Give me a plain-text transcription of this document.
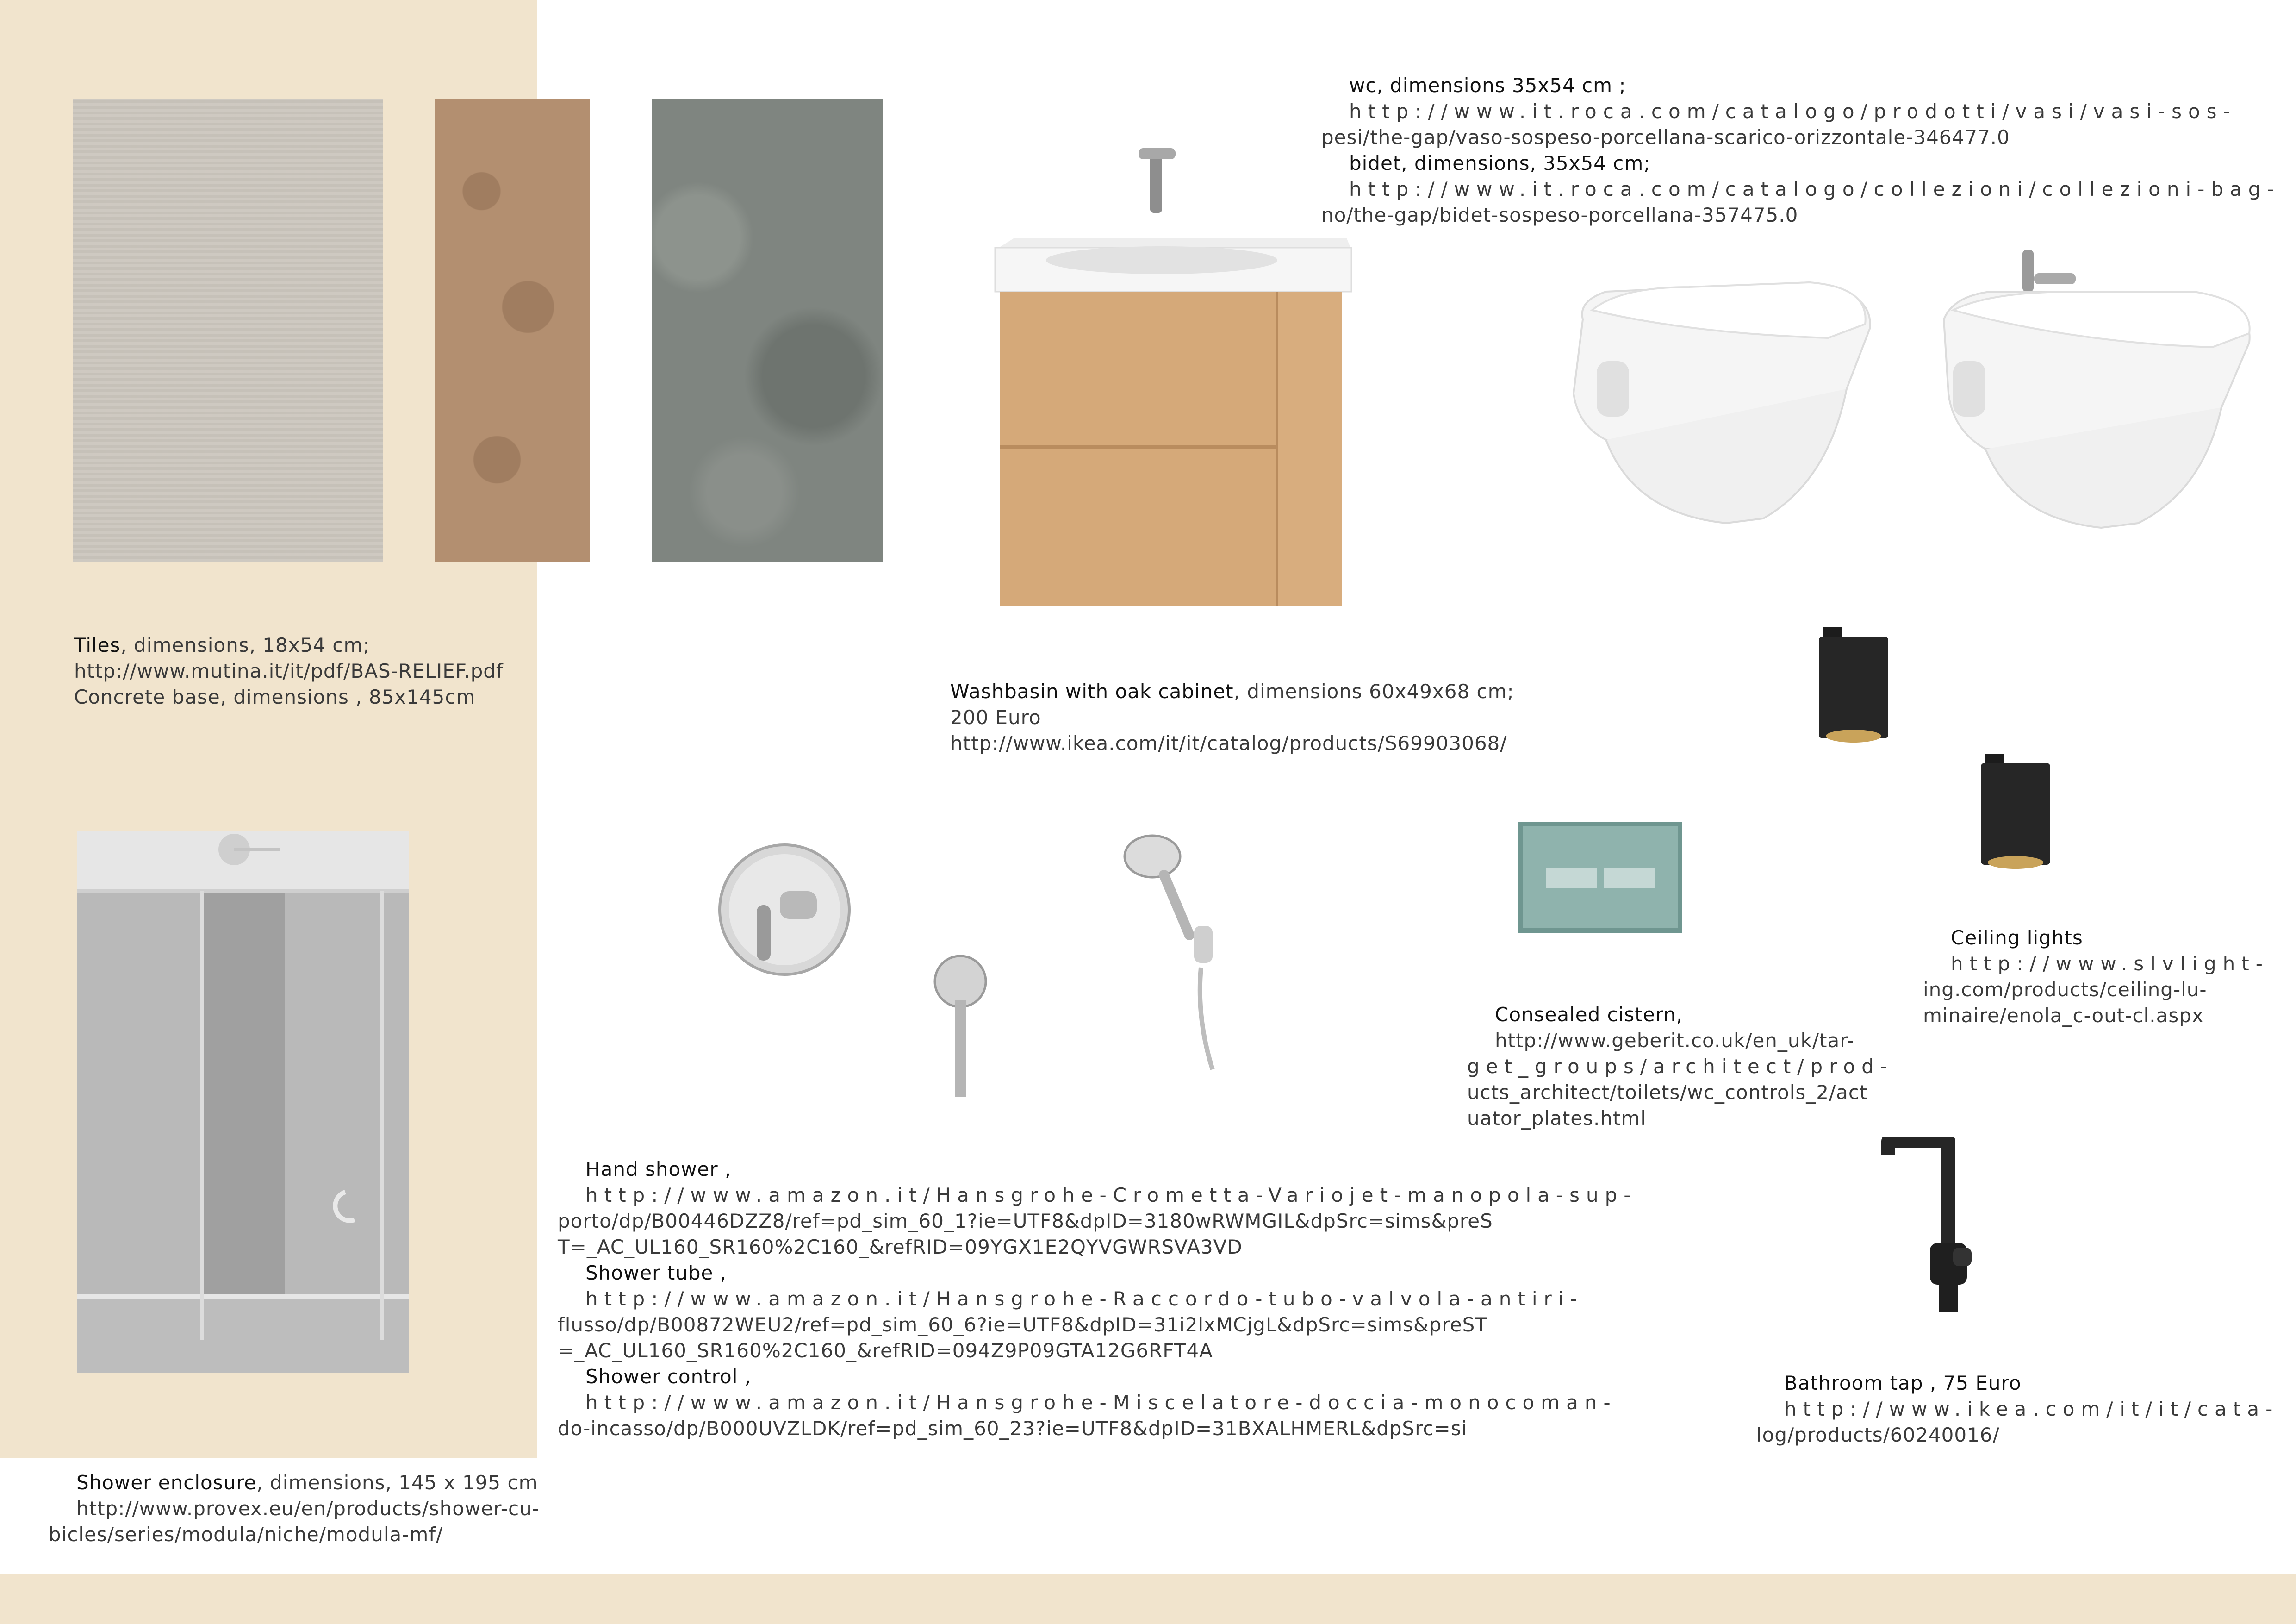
Tiles, dimensions, 18x54 cm;
http://www.mutina.it/it/pdf/BAS-RELIEF.pdf
Concrete base, dimensions , 85x145cm
Shower enclosure, dimensions, 145 x 195 cm
http://www.provex.eu/en/products/shower-cu-
bicles/series/modula/niche/modula-mf/
Washbasin with oak cabinet, dimensions 60x49x68 cm;
200 Euro
http://www.ikea.com/it/it/catalog/products/S69903068/
wc, dimensions 35x54 cm ;
http://www.it.roca.com/catalogo/prodotti/vasi/vasi-sos-
pesi/the-gap/vaso-sospeso-porcellana-scarico-orizzontale-346477.0
bidet, dimensions, 35x54 cm;
http://www.it.roca.com/catalogo/collezioni/collezioni-bag-
no/the-gap/bidet-sospeso-porcellana-357475.0
Ceiling lights
http://www.slvlight-
ing.com/products/ceiling-lu-
minaire/enola_c-out-cl.aspx
Consealed cistern,
http://www.geberit.co.uk/en_uk/tar-
get_groups/architect/prod-
ucts_architect/toilets/wc_controls_2/act
uator_plates.html
Hand shower ,
http://www.amazon.it/Hansgrohe-Crometta-Variojet-manopola-sup-
porto/dp/B00446DZZ8/ref=pd_sim_60_1?ie=UTF8&dpID=3180wRWMGIL&dpSrc=sims&preS
T=_AC_UL160_SR160%2C160_&refRID=09YGX1E2QYVGWRSVA3VD
Shower tube ,
http://www.amazon.it/Hansgrohe-Raccordo-tubo-valvola-antiri-
flusso/dp/B00872WEU2/ref=pd_sim_60_6?ie=UTF8&dpID=31i2lxMCjgL&dpSrc=sims&preST
=_AC_UL160_SR160%2C160_&refRID=094Z9P09GTA12G6RFT4A
Shower control ,
http://www.amazon.it/Hansgrohe-Miscelatore-doccia-monocoman-
do-incasso/dp/B000UVZLDK/ref=pd_sim_60_23?ie=UTF8&dpID=31BXALHMERL&dpSrc=si
Bathroom tap , 75 Euro
http://www.ikea.com/it/it/cata-
log/products/60240016/
